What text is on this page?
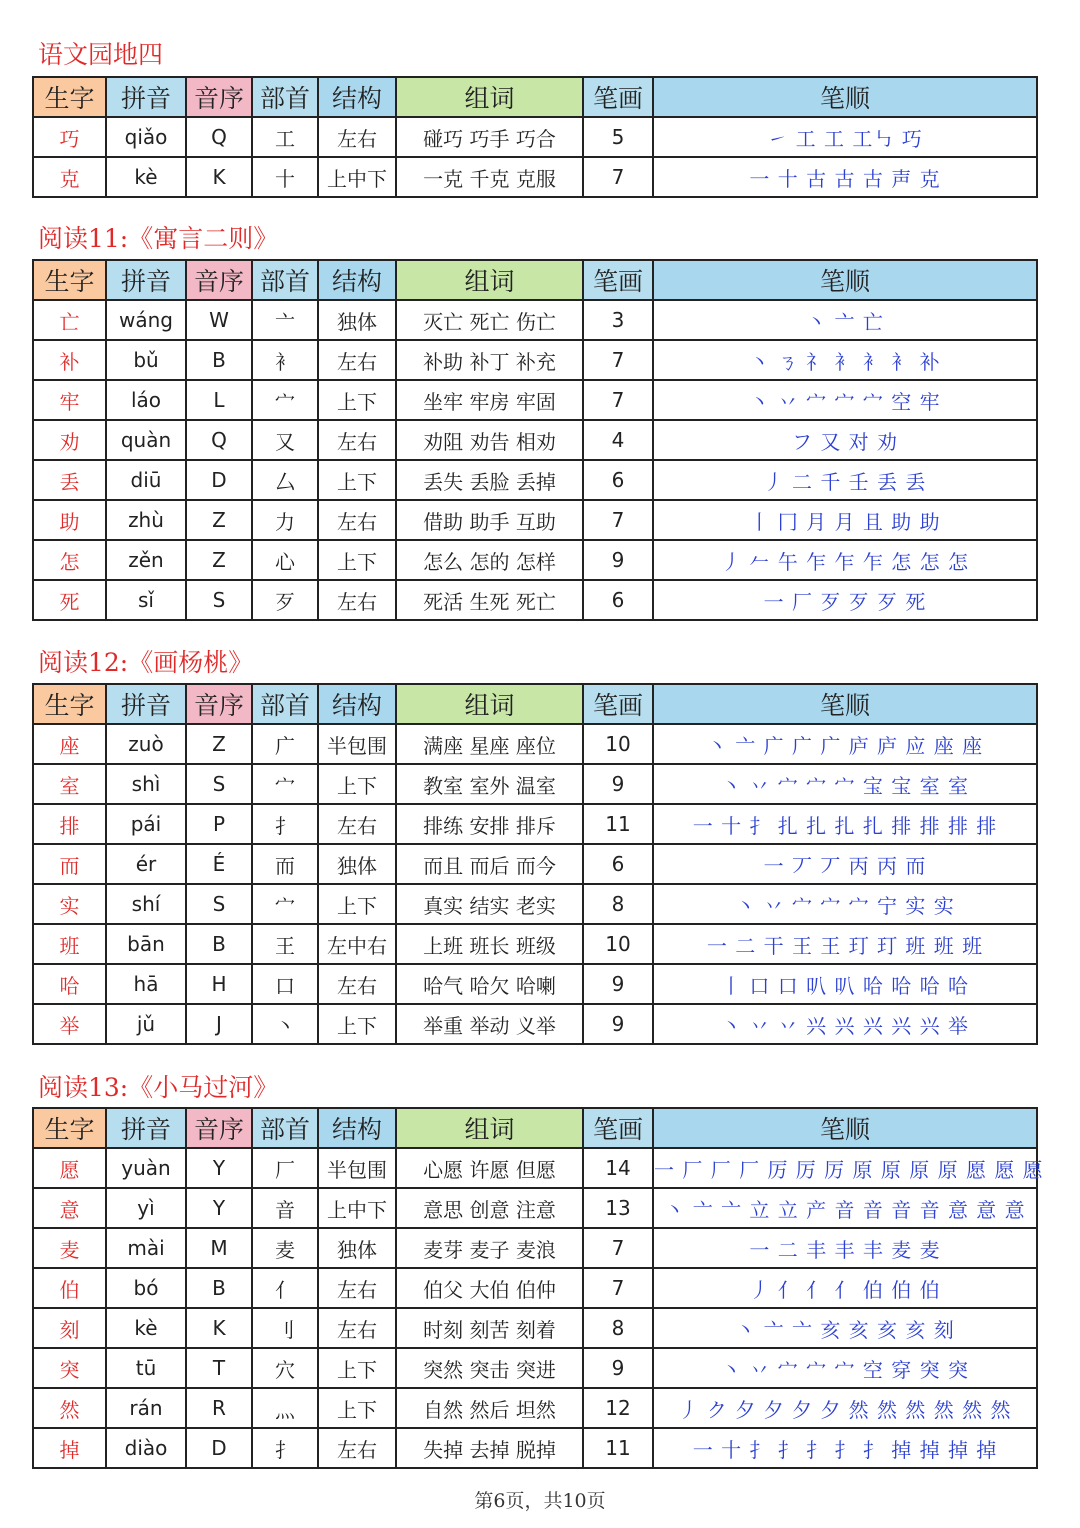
语文园地四
生字	拼音	音序	部首	结构	组词	笔画	笔顺
巧	qiǎo	Q	工	左右	碰巧 巧手 巧合	5	㇀ 工 工 工㇉ 巧
克	kè	K	十	上中下	一克 千克 克服	7	一 十 古 古 古 声 克
阅读11:《寓言二则》
生字	拼音	音序	部首	结构	组词	笔画	笔顺
亡	wáng	W	亠	独体	灭亡 死亡 伤亡	3	丶 亠 亡
补	bǔ	B	衤	左右	补助 补丁 补充	7	丶 ㄋ 礻 衤 衤 衤 补
牢	láo	L	宀	上下	坐牢 牢房 牢固	7	丶 丷 宀 宀 宀 空 牢
劝	quàn	Q	又	左右	劝阻 劝告 相劝	4	フ 又 对 劝
丢	diū	D	厶	上下	丢失 丢脸 丢掉	6	丿 二 千 壬 丢 丢
助	zhù	Z	力	左右	借助 助手 互助	7	丨 冂 月 月 且 助 助
怎	zěn	Z	心	上下	怎么 怎的 怎样	9	丿 𠂉 午 乍 乍 乍 怎 怎 怎
死	sǐ	S	歹	左右	死活 生死 死亡	6	一 厂 歹 歹 歹 死
阅读12:《画杨桃》
生字	拼音	音序	部首	结构	组词	笔画	笔顺
座	zuò	Z	广	半包围	满座 星座 座位	10	丶 亠 广 广 广 庐 庐 应 座 座
室	shì	S	宀	上下	教室 室外 温室	9	丶 丷 宀 宀 宀 宝 宝 室 室
排	pái	P	扌	左右	排练 安排 排斥	11	一 十 扌 扎 扎 扎 扎 排 排 排 排
而	ér	É	而	独体	而且 而后 而今	6	一 丆 丆 丙 丙 而
实	shí	S	宀	上下	真实 结实 老实	8	丶 丷 宀 宀 宀 宁 实 实
班	bān	B	王	左中右	上班 班长 班级	10	一 二 干 王 王 玎 玎 班 班 班
哈	hā	H	口	左右	哈气 哈欠 哈喇	9	丨 口 口 叭 叭 哈 哈 哈 哈
举	jǔ	J	丶	上下	举重 举动 义举	9	丶 丷 丷 兴 兴 兴 兴 兴 举
阅读13:《小马过河》
生字	拼音	音序	部首	结构	组词	笔画	笔顺
愿	yuàn	Y	厂	半包围	心愿 许愿 但愿	14	一 厂 厂 厂 厉 厉 厉 原 原 原 原 愿 愿 愿
意	yì	Y	音	上中下	意思 创意 注意	13	丶 亠 亠 立 立 产 音 音 音 音 意 意 意
麦	mài	M	麦	独体	麦芽 麦子 麦浪	7	一 二 丰 丰 丰 麦 麦
伯	bó	B	亻	左右	伯父 大伯 伯仲	7	丿 亻 亻 亻 伯 伯 伯
刻	kè	K	刂	左右	时刻 刻苦 刻着	8	丶 亠 亠 亥 亥 亥 亥 刻
突	tū	T	穴	上下	突然 突击 突进	9	丶 丷 宀 宀 宀 空 穿 突 突
然	rán	R	灬	上下	自然 然后 坦然	12	丿 ク 夕 夕 夕 夕 然 然 然 然 然 然
掉	diào	D	扌	左右	失掉 去掉 脱掉	11	一 十 扌 扌 扌 扌 扌 掉 掉 掉 掉
第6页，共10页
